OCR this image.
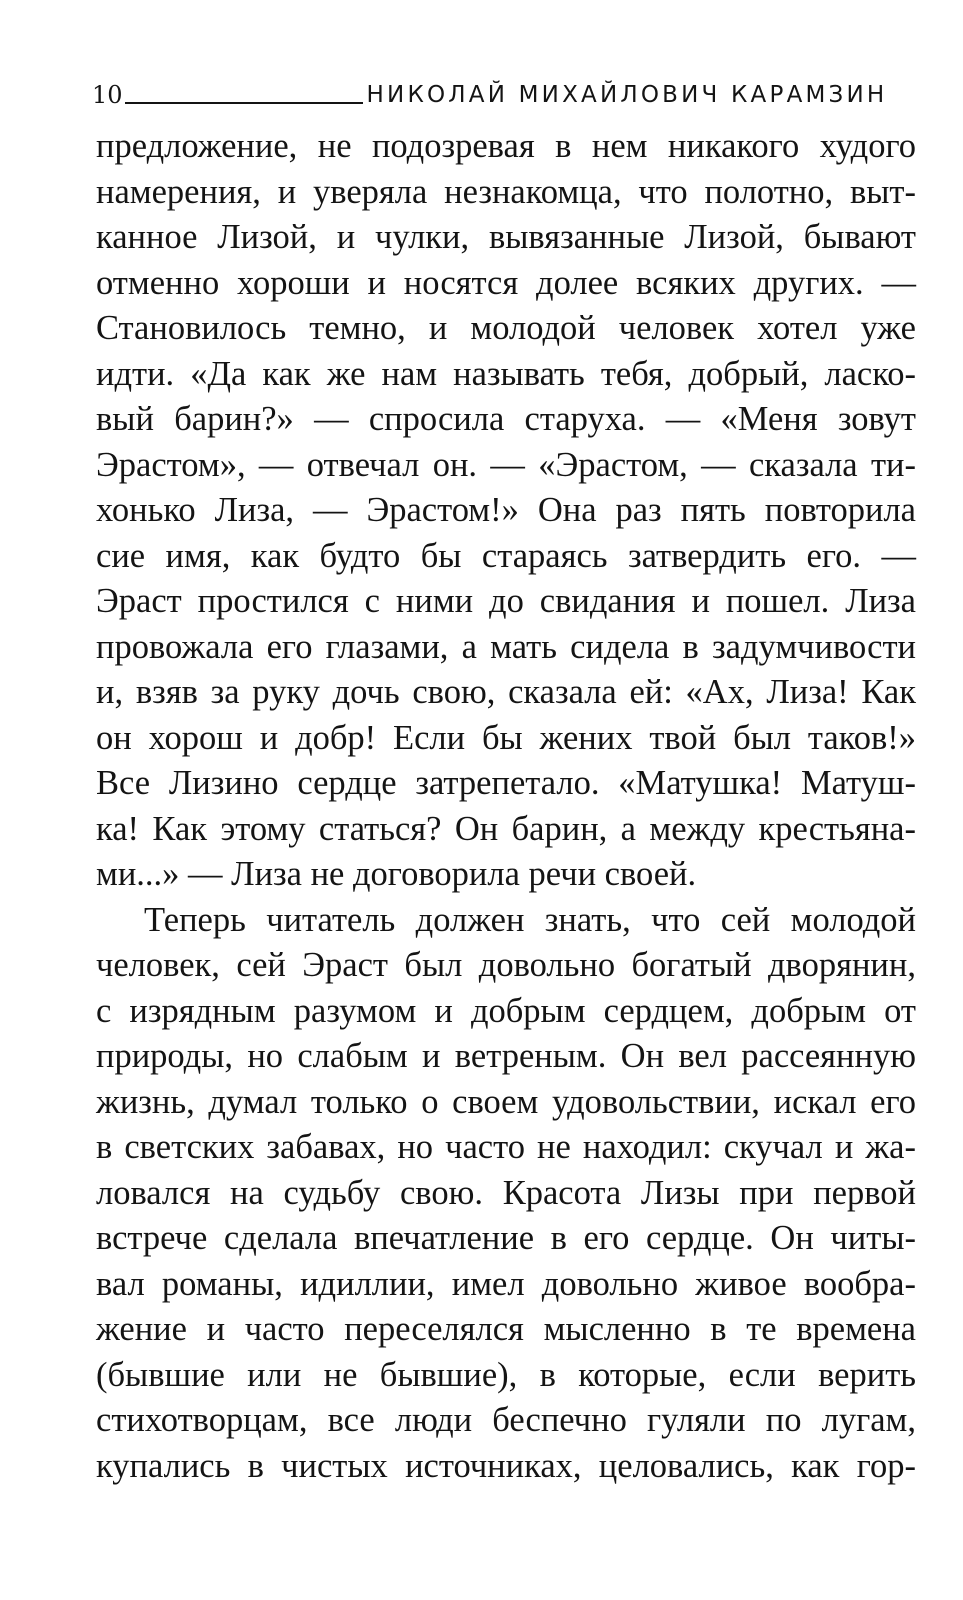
10	НИКОЛАЙ МИХАЙЛОВИЧ КАРАМЗИН
предложение, не подозревая в нем никакого худого
намерения, и уверяла незнакомца, что полотно, выт-
канное Лизой, и чулки, вывязанные Лизой, бывают
отменно хороши и носятся долее всяких других. —
Становилось темно, и молодой человек хотел уже
идти. «Да как же нам называть тебя, добрый, ласко-
вый барин?» — спросила старуха. — «Меня зовут
Эрастом», — отвечал он. — «Эрастом, — сказала ти-
хонько Лиза, — Эрастом!» Она раз пять повторила
сие имя, как будто бы стараясь затвердить его. —
Эраст простился с ними до свидания и пошел. Лиза
провожала его глазами, а мать сидела в задумчивости
и, взяв за руку дочь свою, сказала ей: «Ах, Лиза! Как
он хорош и добр! Если бы жених твой был таков!»
Все Лизино сердце затрепетало. «Матушка! Матуш-
ка! Как этому статься? Он барин, а между крестьяна-
ми...» — Лиза не договорила речи своей.
Теперь читатель должен знать, что сей молодой
человек, сей Эраст был довольно богатый дворянин,
с изрядным разумом и добрым сердцем, добрым от
природы, но слабым и ветреным. Он вел рассеянную
жизнь, думал только о своем удовольствии, искал его
в светских забавах, но часто не находил: скучал и жа-
ловался на судьбу свою. Красота Лизы при первой
встрече сделала впечатление в его сердце. Он читы-
вал романы, идиллии, имел довольно живое вообра-
жение и часто переселялся мысленно в те времена
(бывшие или не бывшие), в которые, если верить
стихотворцам, все люди беспечно гуляли по лугам,
купались в чистых источниках, целовались, как гор-
